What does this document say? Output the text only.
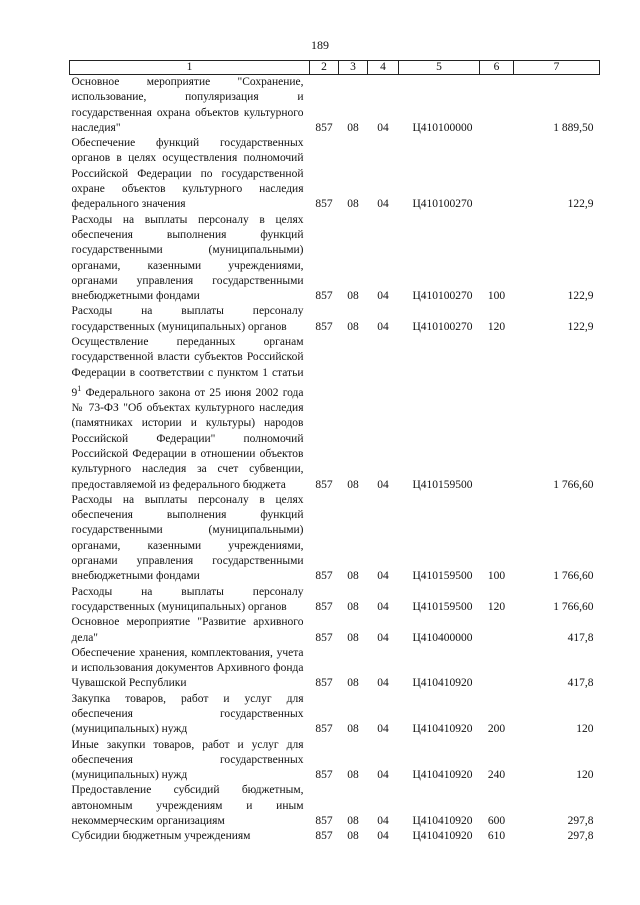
189
1	2	3	4	5	6	7
Основное мероприятие "Сохранение, использование, популяризация и государственная охрана объектов культурного наследия"	857	08	04	Ц410100000		1 889,50
Обеспечение функций государственных органов в целях осуществления полномочий Российской Федерации по государственной охране объектов культурного наследия федерального значения	857	08	04	Ц410100270		122,9
Расходы на выплаты персоналу в целях обеспечения выполнения функций государственными (муниципальными) органами, казенными учреждениями, органами управления государственными внебюджетными фондами	857	08	04	Ц410100270	100	122,9
Расходы на выплаты персоналу государственных (муниципальных) органов	857	08	04	Ц410100270	120	122,9
Осуществление переданных органам государственной власти субъектов Российской Федерации в соответствии с пунктом 1 статьи $9^1$ Федерального закона от 25 июня 2002 года № 73-ФЗ "Об объектах культурного наследия (памятниках истории и культуры) народов Российской Федерации" полномочий Российской Федерации в отношении объектов культурного наследия за счет субвенции, предоставляемой из федерального бюджета	857	08	04	Ц410159500		1 766,60
Расходы на выплаты персоналу в целях обеспечения выполнения функций государственными (муниципальными) органами, казенными учреждениями, органами управления государственными внебюджетными фондами	857	08	04	Ц410159500	100	1 766,60
Расходы на выплаты персоналу государственных (муниципальных) органов	857	08	04	Ц410159500	120	1 766,60
Основное мероприятие "Развитие архивного дела"	857	08	04	Ц410400000		417,8
Обеспечение хранения, комплектования, учета и использования документов Архивного фонда Чувашской Республики	857	08	04	Ц410410920		417,8
Закупка товаров, работ и услуг для обеспечения государственных (муниципальных) нужд	857	08	04	Ц410410920	200	120
Иные закупки товаров, работ и услуг для обеспечения государственных (муниципальных) нужд	857	08	04	Ц410410920	240	120
Предоставление субсидий бюджетным, автономным учреждениям и иным некоммерческим организациям	857	08	04	Ц410410920	600	297,8
Субсидии бюджетным учреждениям	857	08	04	Ц410410920	610	297,8
